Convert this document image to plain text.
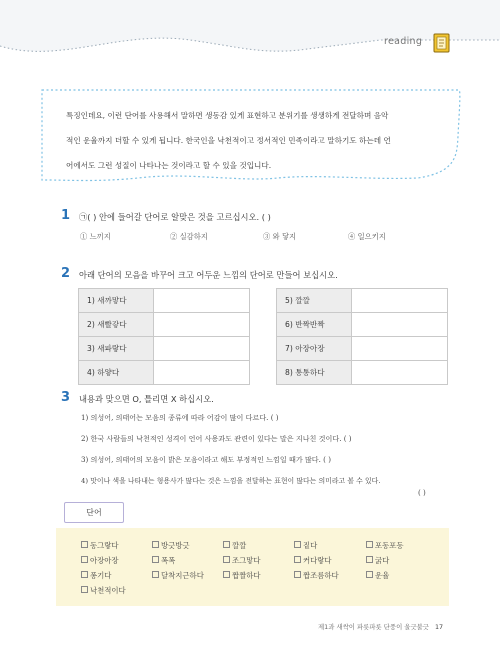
reading
특징인데요, 이런 단어를 사용해서 말하면 생동감 있게 표현하고 분위기를 생생하게 전달하며 음악
적인 운율까지 더할 수 있게 됩니다. 한국인을 낙천적이고 정서적인 민족이라고 말하기도 하는데 언
어에서도 그런 성질이 나타나는 것이라고 할 수 있을 것입니다.
1 ㉠( ) 안에 들어갈 단어로 알맞은 것을 고르십시오. ( )
① 느끼지	② 실감하지	③ 와 닿지	④ 일으키지
2 아래 단어의 모음을 바꾸어 크고 어두운 느낌의 단어로 만들어 보십시오.
1) 새까맣다	
2) 새빨갛다	
3) 새파랗다	
4) 하얗다	
5) 깔깔	
6) 반짝반짝	
7) 아장아장	
8) 통통하다	
3 내용과 맞으면 O, 틀리면 X 하십시오.
1) 의성어, 의태어는 모음의 종류에 따라 어감이 많이 다르다. ( )
2) 한국 사람들의 낙천적인 성격이 언어 사용과도 관련이 있다는 말은 지나친 것이다. ( )
3) 의성어, 의태어의 모음이 밝은 모음이라고 해도 부정적인 느낌일 때가 많다. ( )
4) 맛이나 색을 나타내는 형용사가 많다는 것은 느낌을 전달하는 표현이 많다는 의미라고 볼 수 있다.
( )
단어
동그랗다	방긋방긋	깔깔	짙다	포동포동
아장아장	폭폭	조그맣다	커다랗다	굵다
퐁기다	달착지근하다	짭짤하다	짭조름하다	운율
낙천적이다
제1과 새싹이 파릇파릇 단풍이 울긋불긋 17
